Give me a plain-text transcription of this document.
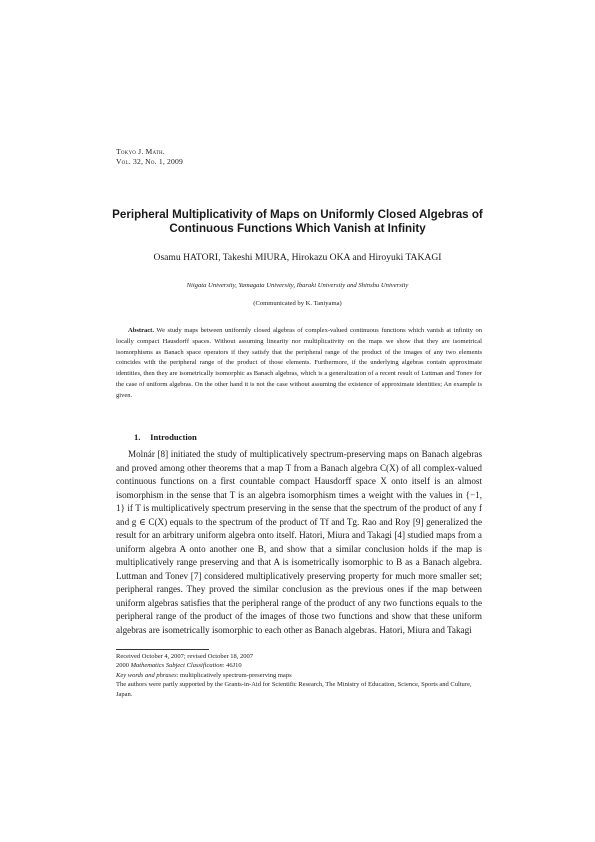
Tokyo J. Math.
Vol. 32, No. 1, 2009
Peripheral Multiplicativity of Maps on Uniformly Closed Algebras of
Continuous Functions Which Vanish at Infinity
Osamu HATORI, Takeshi MIURA, Hirokazu OKA and Hiroyuki TAKAGI
Niigata University, Yamagata University, Ibaraki University and Shinshu University
(Communicated by K. Taniyama)
Abstract. We study maps between uniformly closed algebras of complex-valued continuous functions which vanish at infinity on locally compact Hausdorff spaces. Without assuming linearity nor multiplicativity on the maps we show that they are isometrical isomorphisms as Banach space operators if they satisfy that the peripheral range of the product of the images of any two elements coincides with the peripheral range of the product of those elements. Furthermore, if the underlying algebras contain approximate identities, then they are isometrically isomorphic as Banach algebras, which is a generalization of a recent result of Luttman and Tonev for the case of uniform algebras. On the other hand it is not the case without assuming the existence of approximate identities; An example is given.
1. Introduction
Molnár [8] initiated the study of multiplicatively spectrum-preserving maps on Banach algebras and proved among other theorems that a map T from a Banach algebra C(X) of all complex-valued continuous functions on a first countable compact Hausdorff space X onto itself is an almost isomorphism in the sense that T is an algebra isomorphism times a weight with the values in {−1, 1} if T is multiplicatively spectrum preserving in the sense that the spectrum of the product of any f and g ∈ C(X) equals to the spectrum of the product of Tf and Tg. Rao and Roy [9] generalized the result for an arbitrary uniform algebra onto itself. Hatori, Miura and Takagi [4] studied maps from a uniform algebra A onto another one B, and show that a similar conclusion holds if the map is multiplicatively range preserving and that A is isometrically isomorphic to B as a Banach algebra. Luttman and Tonev [7] considered multiplicatively preserving property for much more smaller set; peripheral ranges. They proved the similar conclusion as the previous ones if the map between uniform algebras satisfies that the peripheral range of the product of any two functions equals to the peripheral range of the product of the images of those two functions and show that these uniform algebras are isometrically isomorphic to each other as Banach algebras. Hatori, Miura and Takagi

Received October 4, 2007; revised October 18, 2007

2000 Mathematics Subject Classification: 46J10

Key words and phrases: multiplicatively spectrum-preserving maps

The authors were partly supported by the Grants-in-Aid for Scientific Research, The Ministry of Education, Science, Sports and Culture, Japan.
